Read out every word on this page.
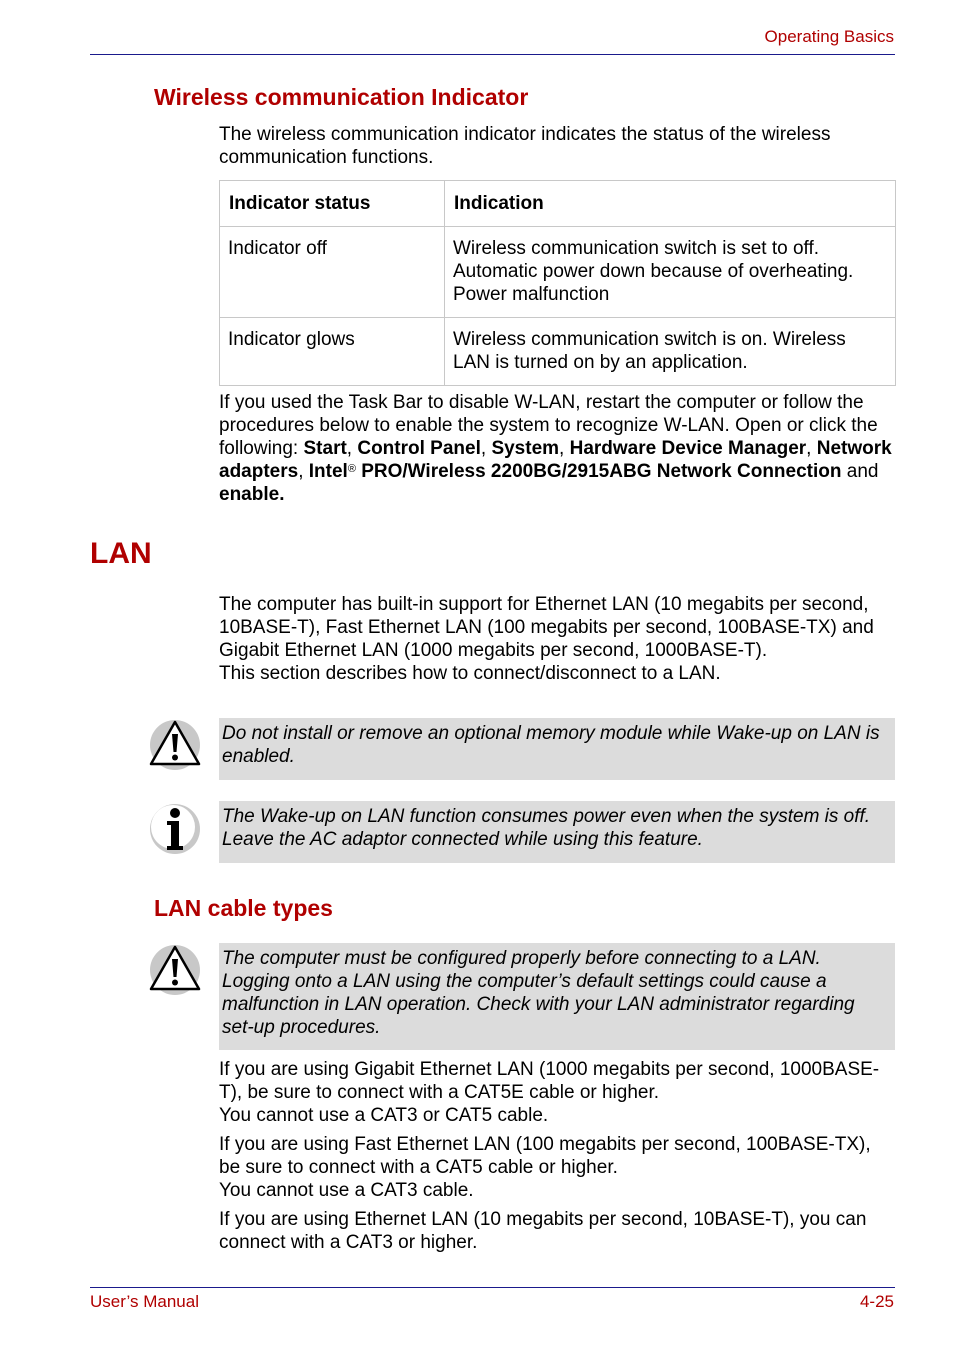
Operating Basics
Wireless communication Indicator
The wireless communication indicator indicates the status of the wireless communication functions.
Indicator status	Indication
Indicator off	Wireless communication switch is set to off.
Automatic power down because of overheating.
Power malfunction

Indicator glows	Wireless communication switch is on. Wireless LAN is turned on by an application.
If you used the Task Bar to disable W-LAN, restart the computer or follow the procedures below to enable the system to recognize W-LAN. Open or click the following: Start, Control Panel, System, Hardware Device Manager, Network adapters, Intel® PRO/Wireless 2200BG/2915ABG Network Connection and enable.
LAN
The computer has built-in support for Ethernet LAN (10 megabits per second, 10BASE-T), Fast Ethernet LAN (100 megabits per second, 100BASE-TX) and Gigabit Ethernet LAN (1000 megabits per second, 1000BASE-T).
This section describes how to connect/disconnect to a LAN.
Do not install or remove an optional memory module while Wake-up on LAN is enabled.
The Wake-up on LAN function consumes power even when the system is off. Leave the AC adaptor connected while using this feature.
LAN cable types
The computer must be configured properly before connecting to a LAN. Logging onto a LAN using the computer’s default settings could cause a malfunction in LAN operation. Check with your LAN administrator regarding set-up procedures.
If you are using Gigabit Ethernet LAN (1000 megabits per second, 1000BASE-T), be sure to connect with a CAT5E cable or higher.
You cannot use a CAT3 or CAT5 cable.
If you are using Fast Ethernet LAN (100 megabits per second, 100BASE-TX), be sure to connect with a CAT5 cable or higher.
You cannot use a CAT3 cable.
If you are using Ethernet LAN (10 megabits per second, 10BASE-T), you can connect with a CAT3 or higher.
User’s Manual	4-25
